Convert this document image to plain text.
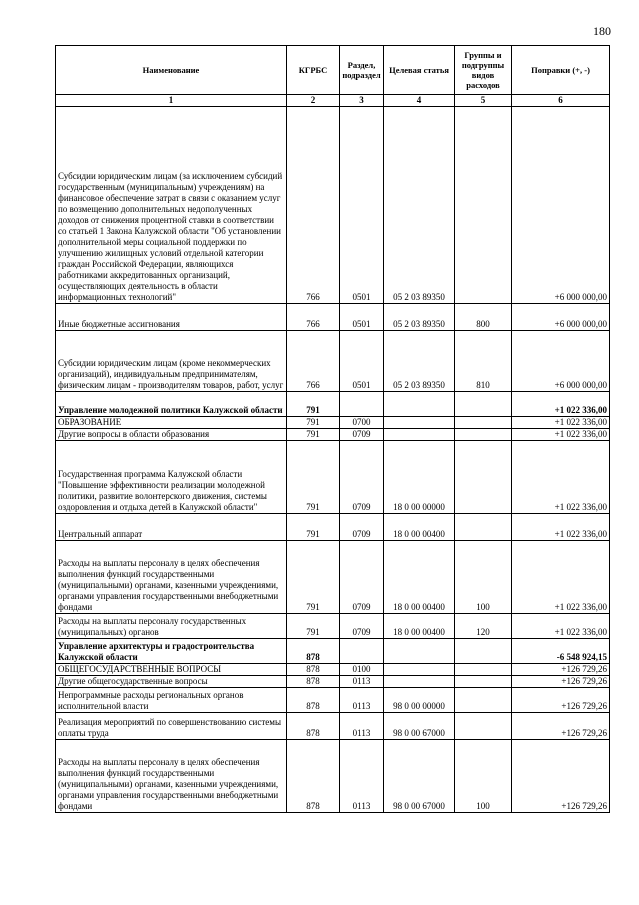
180
Наименование	КГРБС	Раздел, подраздел	Целевая статья	Группы и подгруппы видов расходов	Поправки (+, -)
1	2	3	4	5	6
Субсидии юридическим лицам (за исключением субсидий государственным (муниципальным) учреждениям) на финансовое обеспечение затрат в связи с оказанием услуг по возмещению дополнительных недополученных доходов от снижения процентной ставки в соответствии со статьей 1 Закона Калужской области "Об установлении дополнительной меры социальной поддержки по улучшению жилищных условий отдельной категории граждан Российской Федерации, являющихся работниками аккредитованных организаций, осуществляющих деятельность в области информационных технологий"	766	0501	05 2 03 89350		+6 000 000,00
Иные бюджетные ассигнования	766	0501	05 2 03 89350	800	+6 000 000,00
Субсидии юридическим лицам (кроме некоммерческих организаций), индивидуальным предпринимателям, физическим лицам - производителям товаров, работ, услуг	766	0501	05 2 03 89350	810	+6 000 000,00
Управление молодежной политики Калужской области	791				+1 022 336,00
ОБРАЗОВАНИЕ	791	0700			+1 022 336,00
Другие вопросы в области образования	791	0709			+1 022 336,00
Государственная программа Калужской области "Повышение эффективности реализации молодежной политики, развитие волонтерского движения, системы оздоровления и отдыха детей в Калужской области"	791	0709	18 0 00 00000		+1 022 336,00
Центральный аппарат	791	0709	18 0 00 00400		+1 022 336,00
Расходы на выплаты персоналу в целях обеспечения выполнения функций государственными (муниципальными) органами, казенными учреждениями, органами управления государственными внебоджетными фондами	791	0709	18 0 00 00400	100	+1 022 336,00
Расходы на выплаты персоналу государственных (муниципальных) органов	791	0709	18 0 00 00400	120	+1 022 336,00
Управление архитектуры и градостроительства Калужской области	878				-6 548 924,15
ОБЩЕГОСУДАРСТВЕННЫЕ ВОПРОСЫ	878	0100			+126 729,26
Другие общегосударственные вопросы	878	0113			+126 729,26
Непрограммные расходы региональных органов исполнительной власти	878	0113	98 0 00 00000		+126 729,26
Реализация мероприятий по совершенствованию системы оплаты труда	878	0113	98 0 00 67000		+126 729,26
Расходы на выплаты персоналу в целях обеспечения выполнения функций государственными (муниципальными) органами, казенными учреждениями, органами управления государственными внебоджетными фондами	878	0113	98 0 00 67000	100	+126 729,26
